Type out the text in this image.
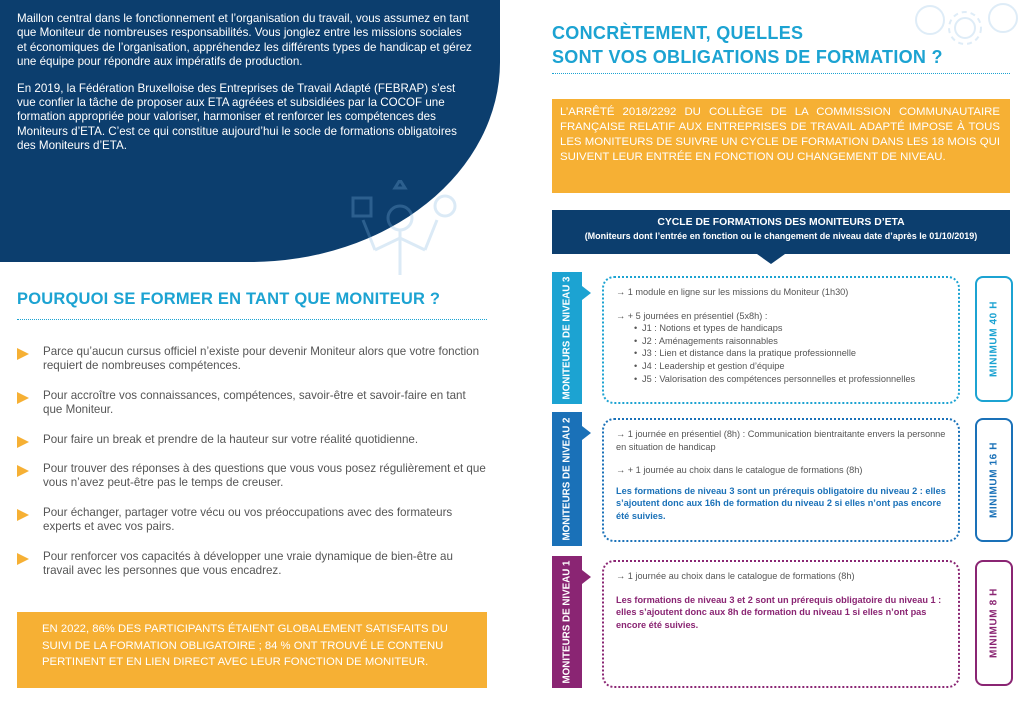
Maillon central dans le fonctionnement et l’organisation du travail, vous assumez en tant que Moniteur de nombreuses responsabilités. Vous jonglez entre les missions sociales et économiques de l’organisation, appréhendez les différents types de handicap et gérez une équipe pour répondre aux impératifs de production.

En 2019, la Fédération Bruxelloise des Entreprises de Travail Adapté (FEBRAP) s’est vue confier la tâche de proposer aux ETA agréées et subsidiées par la COCOF une formation appropriée pour valoriser, harmoniser et renforcer les compétences des Moniteurs d’ETA. C’est ce qui constitue aujourd’hui le socle de formations obligatoires des Moniteurs d’ETA.

POURQUOI SE FORMER EN TANT QUE MONITEUR ?
Parce qu’aucun cursus officiel n’existe pour devenir Moniteur alors que votre fonction requiert de nombreuses compétences.
Pour accroître vos connaissances, compétences, savoir-être et savoir-faire en tant que Moniteur.
Pour faire un break et prendre de la hauteur sur votre réalité quotidienne.
Pour trouver des réponses à des questions que vous vous posez régulièrement et que vous n’avez peut-être pas le temps de creuser.
Pour échanger, partager votre vécu ou vos préoccupations avec des formateurs experts et avec vos pairs.
Pour renforcer vos capacités à développer une vraie dynamique de bien-être au travail avec les personnes que vous encadrez.
EN 2022, 86% DES PARTICIPANTS ÉTAIENT GLOBALEMENT SATISFAITS DU SUIVI DE LA FORMATION OBLIGATOIRE ; 84 % ONT TROUVÉ LE CONTENU PERTINENT ET EN LIEN DIRECT AVEC LEUR FONCTION DE MONITEUR.
CONCRÈTEMENT, QUELLES
SONT VOS OBLIGATIONS DE FORMATION ?
L’ARRÊTÉ 2018/2292 DU COLLÈGE DE LA COMMISSION COMMUNAUTAIRE FRANÇAISE RELATIF AUX ENTREPRISES DE TRAVAIL ADAPTÉ IMPOSE À TOUS LES MONITEURS DE SUIVRE UN CYCLE DE FORMATION DANS LES 18 MOIS QUI SUIVENT LEUR ENTRÉE EN FONCTION OU CHANGEMENT DE NIVEAU.
CYCLE DE FORMATIONS DES MONITEURS D’ETA
(Moniteurs dont l’entrée en fonction ou le changement de niveau date d’après le 01/10/2019)
MONITEURS DE NIVEAU 3	→ 1 module en ligne sur les missions du Moniteur (1h30)
→ + 5 journées en présentiel (5x8h) :
• J1 : Notions et types de handicaps
• J2 : Aménagements raisonnables
• J3 : Lien et distance dans la pratique professionnelle
• J4 : Leadership et gestion d’équipe
• J5 : Valorisation des compétences personnelles et professionnelles
MINIMUM 40 H
MONITEURS DE NIVEAU 2	→ 1 journée en présentiel (8h) : Communication bientraitante envers la personne en situation de handicap
→ + 1 journée au choix dans le catalogue de formations (8h)
Les formations de niveau 3 sont un prérequis obligatoire du niveau 2 : elles s’ajoutent donc aux 16h de formation du niveau 2 si elles n’ont pas encore été suivies.	MINIMUM 16 H
MONITEURS DE NIVEAU 1	→ 1 journée au choix dans le catalogue de formations (8h)
Les formations de niveau 3 et 2 sont un prérequis obligatoire du niveau 1 : elles s’ajoutent donc aux 8h de formation du niveau 1 si elles n’ont pas encore été suivies.	MINIMUM 8 H
